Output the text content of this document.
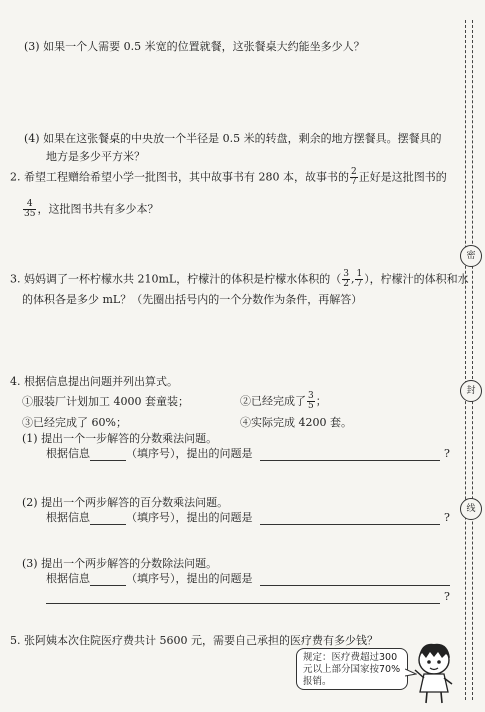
(3) 如果一个人需要 0.5 米宽的位置就餐，这张餐桌大约能坐多少人？
(4) 如果在这张餐桌的中央放一个半径是 0.5 米的转盘，剩余的地方摆餐具。摆餐具的
地方是多少平方米？
2. 希望工程赠给希望小学一批图书，其中故事书有 280 本，故事书的 $\frac{2}{7}$ 正好是这批图书的
$\frac{4}{35}$ ，这批图书共有多少本？
3. 妈妈调了一杯柠檬水共 210mL，柠檬汁的体积是柠檬水体积的（ $\frac{3}{2}$ , $\frac{1}{7}$ ），柠檬汁的体积和水
的体积各是多少 mL？（先圈出括号内的一个分数作为条件，再解答）
4. 根据信息提出问题并列出算式。
①服装厂计划加工 4000 套童装；	②已经完成了 $\frac{3}{5}$ ；
③已经完成了 60%；	④实际完成 4200 套。
(1) 提出一个一步解答的分数乘法问题。
根据信息	（填序号），提出的问题是	?
(2) 提出一个两步解答的百分数乘法问题。
根据信息	（填序号），提出的问题是	?
(3) 提出一个两步解答的分数除法问题。
根据信息	（填序号），提出的问题是
?
5. 张阿姨本次住院医疗费共计 5600 元，需要自己承担的医疗费有多少钱？
规定：医疗费超过300元以上部分国家按70%报销。
密
封
线
